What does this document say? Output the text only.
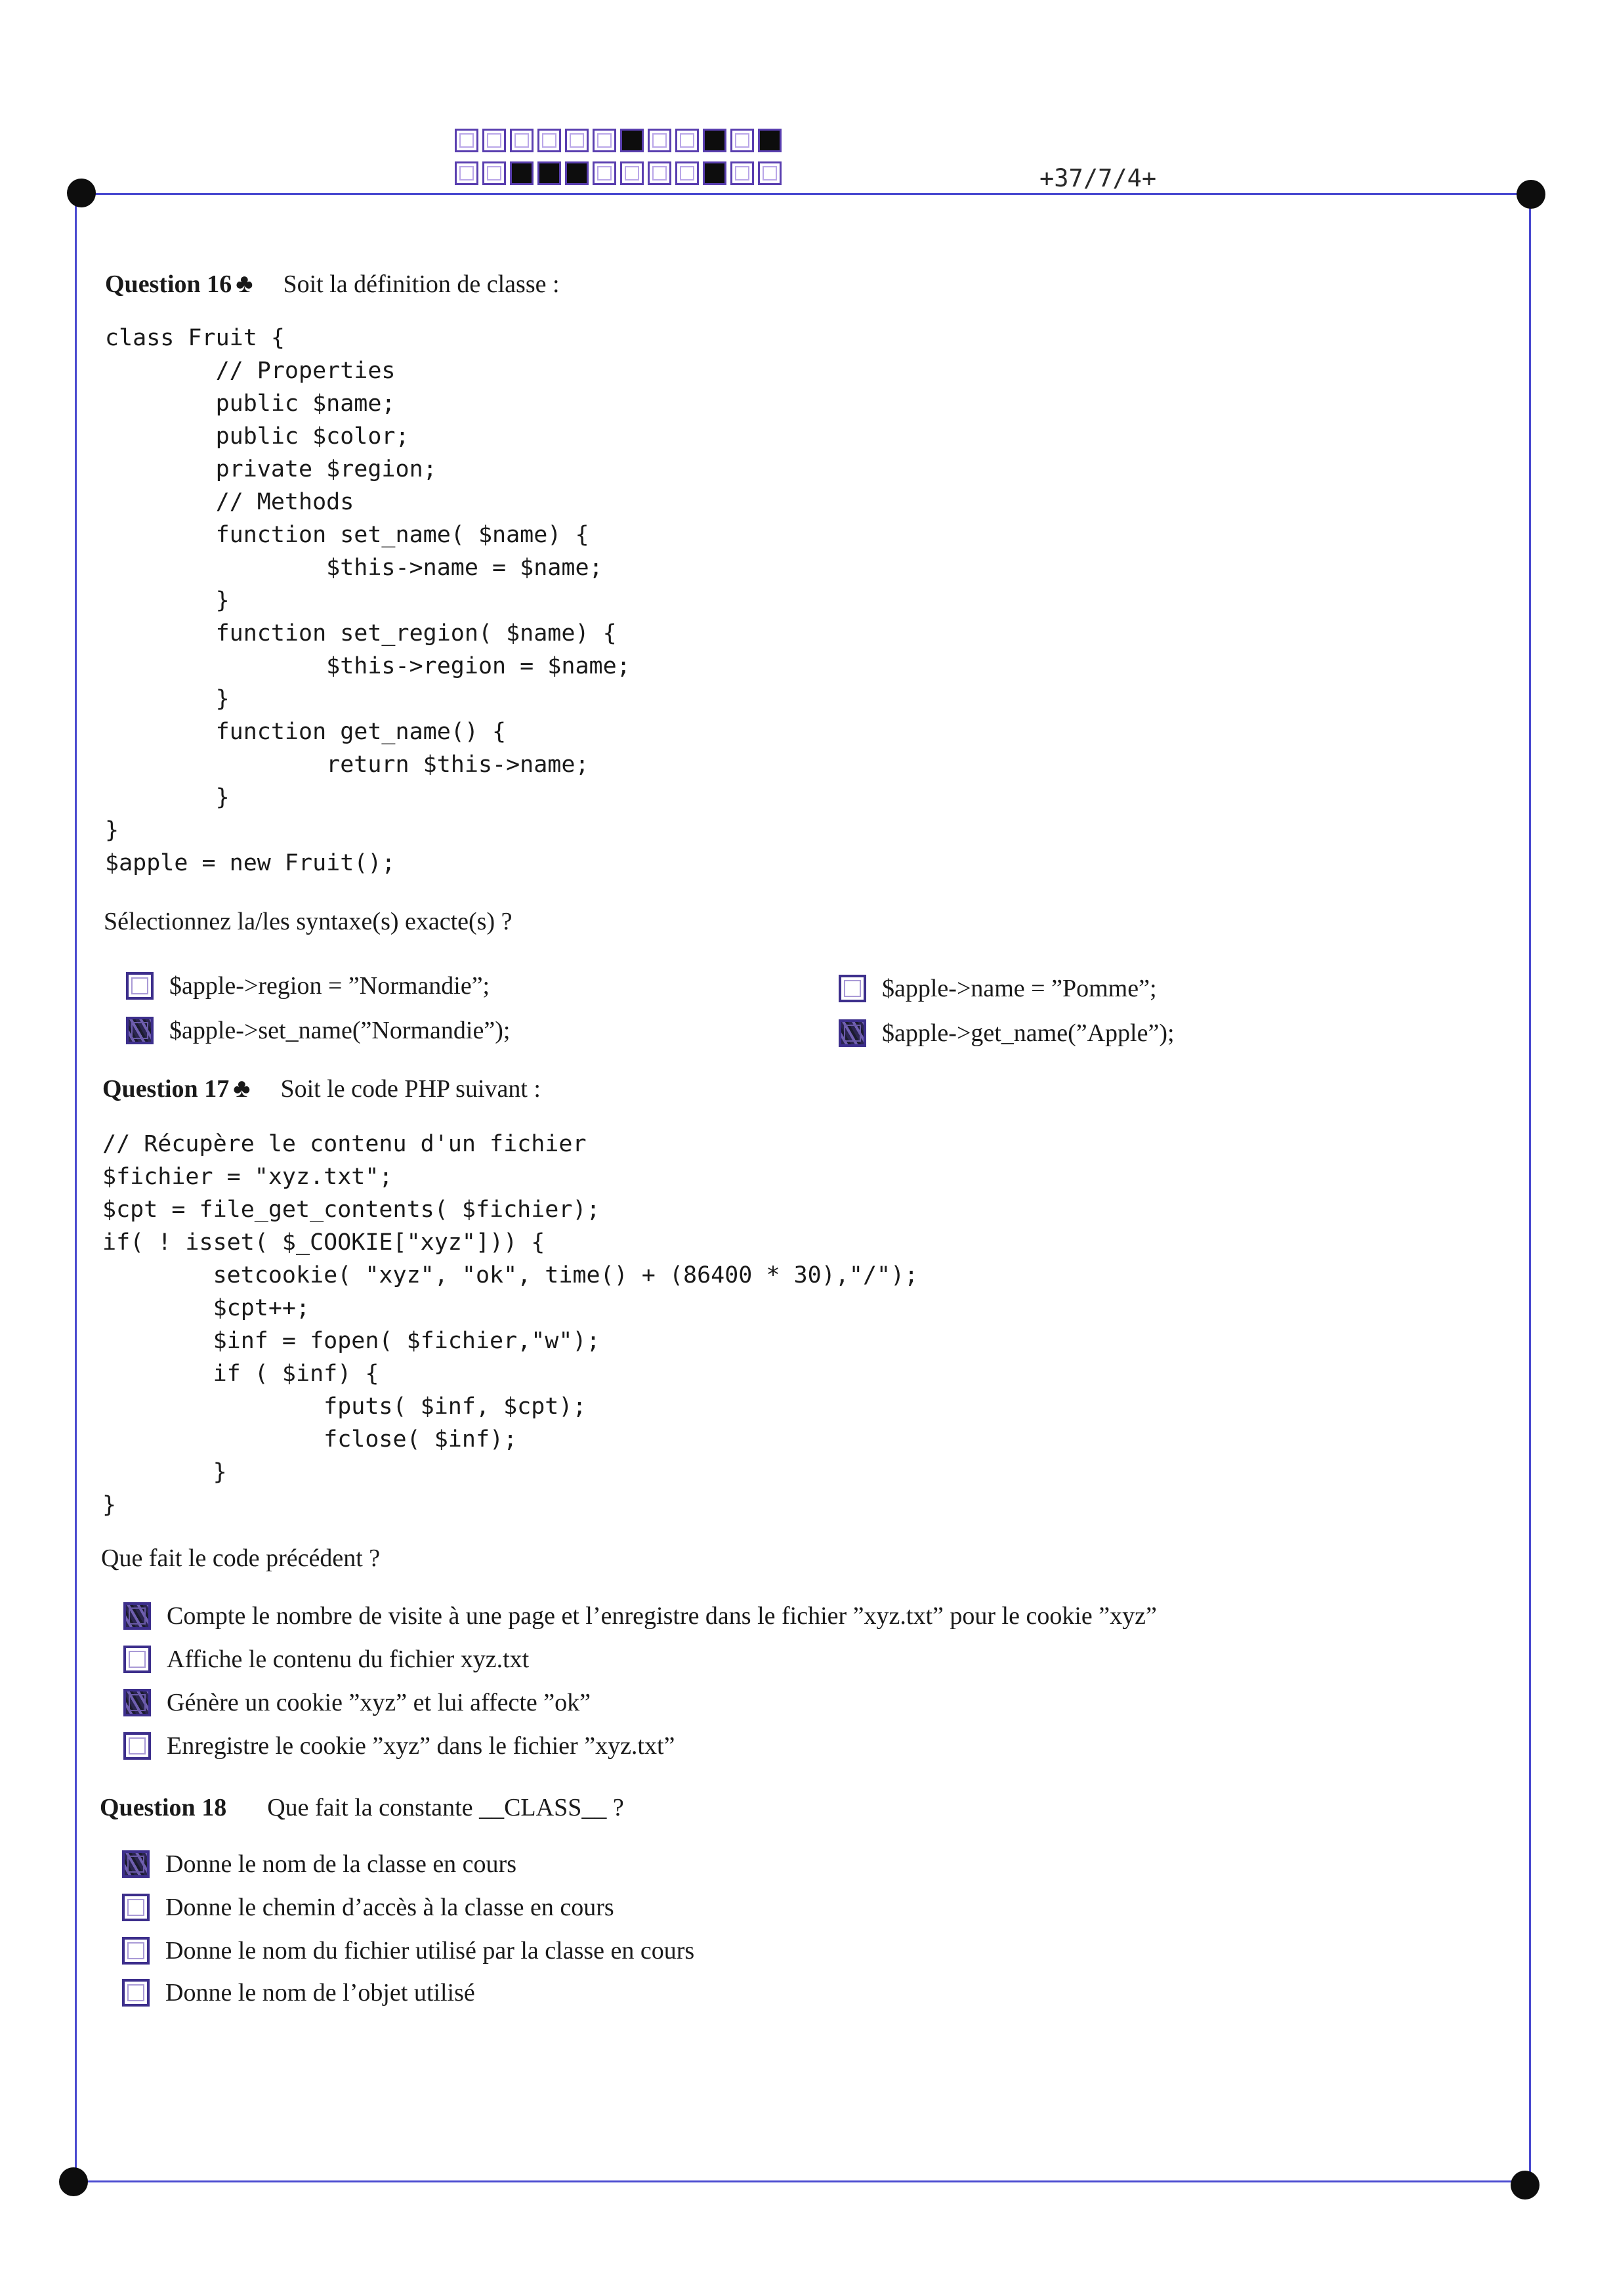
+37/7/4+
Question 16 ♣ Soit la définition de classe :
class Fruit {
// Properties
public $name;
public $color;
private $region;
// Methods
function set_name( $name) {
$this->name = $name;
}
function set_region( $name) {
$this->region = $name;
}
function get_name() {
return $this->name;
}
}
$apple = new Fruit();
Sélectionnez la/les syntaxe(s) exacte(s) ?
$apple->region = ”Normandie”;
$apple->set_name(”Normandie”);
$apple->name = ”Pomme”;
$apple->get_name(”Apple”);
Question 17 ♣ Soit le code PHP suivant :
// Récupère le contenu d'un fichier
$fichier = "xyz.txt";
$cpt = file_get_contents( $fichier);
if( ! isset( $_COOKIE["xyz"])) {
setcookie( "xyz", "ok", time() + (86400 * 30),"/");
$cpt++;
$inf = fopen( $fichier,"w");
if ( $inf) {
fputs( $inf, $cpt);
fclose( $inf);
}
}
Que fait le code précédent ?
Compte le nombre de visite à une page et l’enregistre dans le fichier ”xyz.txt” pour le cookie ”xyz”
Affiche le contenu du fichier xyz.txt
Génère un cookie ”xyz” et lui affecte ”ok”
Enregistre le cookie ”xyz” dans le fichier ”xyz.txt”
Question 18 Que fait la constante __CLASS__ ?
Donne le nom de la classe en cours
Donne le chemin d’accès à la classe en cours
Donne le nom du fichier utilisé par la classe en cours
Donne le nom de l’objet utilisé
